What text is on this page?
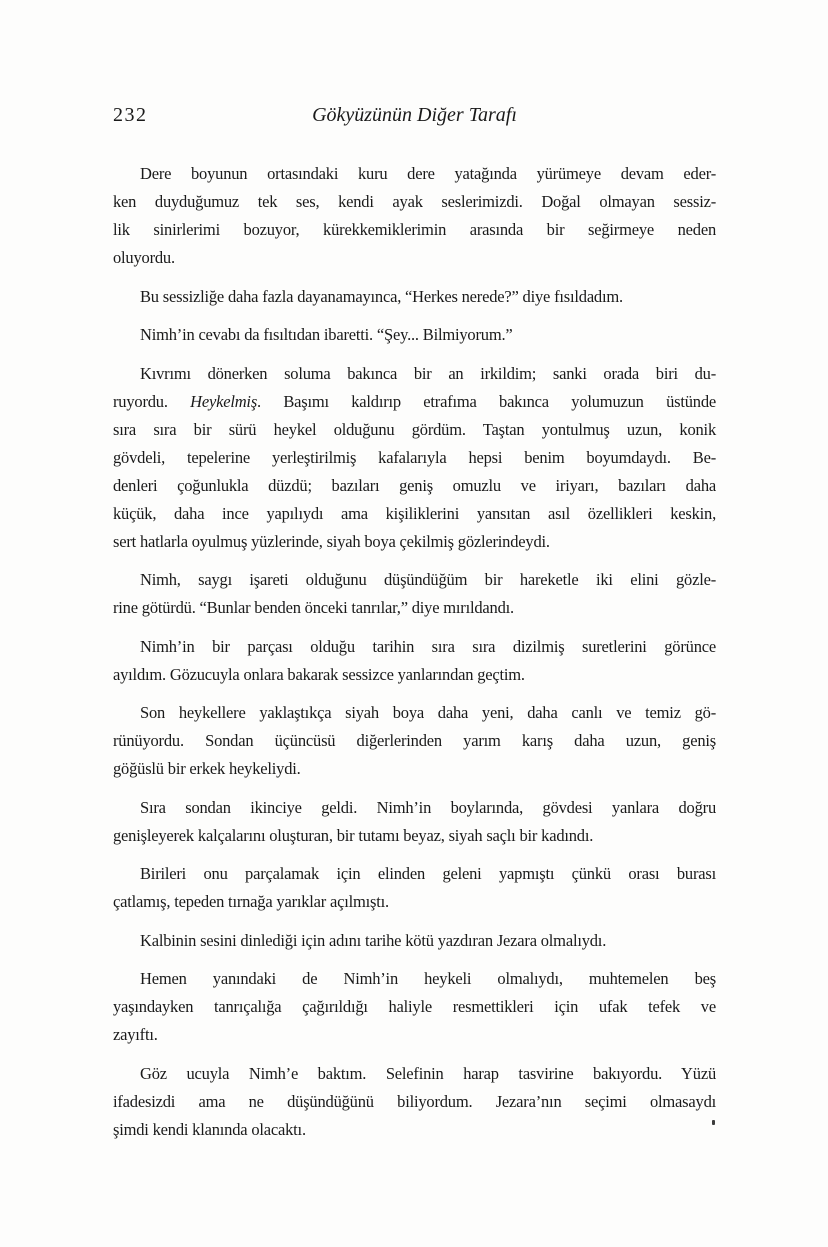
232	Gökyüzünün Diğer Tarafı
Dere boyunun ortasındaki kuru dere yatağında yürümeye devam eder-
ken duyduğumuz tek ses, kendi ayak seslerimizdi. Doğal olmayan sessiz-
lik sinirlerimi bozuyor, kürekkemiklerimin arasında bir seğirmeye neden
oluyordu.
Bu sessizliğe daha fazla dayanamayınca, “Herkes nerede?” diye fısıldadım.
Nimh’in cevabı da fısıltıdan ibaretti. “Şey... Bilmiyorum.”
Kıvrımı dönerken soluma bakınca bir an irkildim; sanki orada biri du-
ruyordu. Heykelmiş. Başımı kaldırıp etrafıma bakınca yolumuzun üstünde
sıra sıra bir sürü heykel olduğunu gördüm. Taştan yontulmuş uzun, konik
gövdeli, tepelerine yerleştirilmiş kafalarıyla hepsi benim boyumdaydı. Be-
denleri çoğunlukla düzdü; bazıları geniş omuzlu ve iriyarı, bazıları daha
küçük, daha ince yapılıydı ama kişiliklerini yansıtan asıl özellikleri keskin,
sert hatlarla oyulmuş yüzlerinde, siyah boya çekilmiş gözlerindeydi.
Nimh, saygı işareti olduğunu düşündüğüm bir hareketle iki elini gözle-
rine götürdü. “Bunlar benden önceki tanrılar,” diye mırıldandı.
Nimh’in bir parçası olduğu tarihin sıra sıra dizilmiş suretlerini görünce
ayıldım. Gözucuyla onlara bakarak sessizce yanlarından geçtim.
Son heykellere yaklaştıkça siyah boya daha yeni, daha canlı ve temiz gö-
rünüyordu. Sondan üçüncüsü diğerlerinden yarım karış daha uzun, geniş
göğüslü bir erkek heykeliydi.
Sıra sondan ikinciye geldi. Nimh’in boylarında, gövdesi yanlara doğru
genişleyerek kalçalarını oluşturan, bir tutamı beyaz, siyah saçlı bir kadındı.
Birileri onu parçalamak için elinden geleni yapmıştı çünkü orası burası
çatlamış, tepeden tırnağa yarıklar açılmıştı.
Kalbinin sesini dinlediği için adını tarihe kötü yazdıran Jezara olmalıydı.
Hemen yanındaki de Nimh’in heykeli olmalıydı, muhtemelen beş
yaşındayken tanrıçalığa çağırıldığı haliyle resmettikleri için ufak tefek ve
zayıftı.
Göz ucuyla Nimh’e baktım. Selefinin harap tasvirine bakıyordu. Yüzü
ifadesizdi ama ne düşündüğünü biliyordum. Jezara’nın seçimi olmasaydı
şimdi kendi klanında olacaktı.
